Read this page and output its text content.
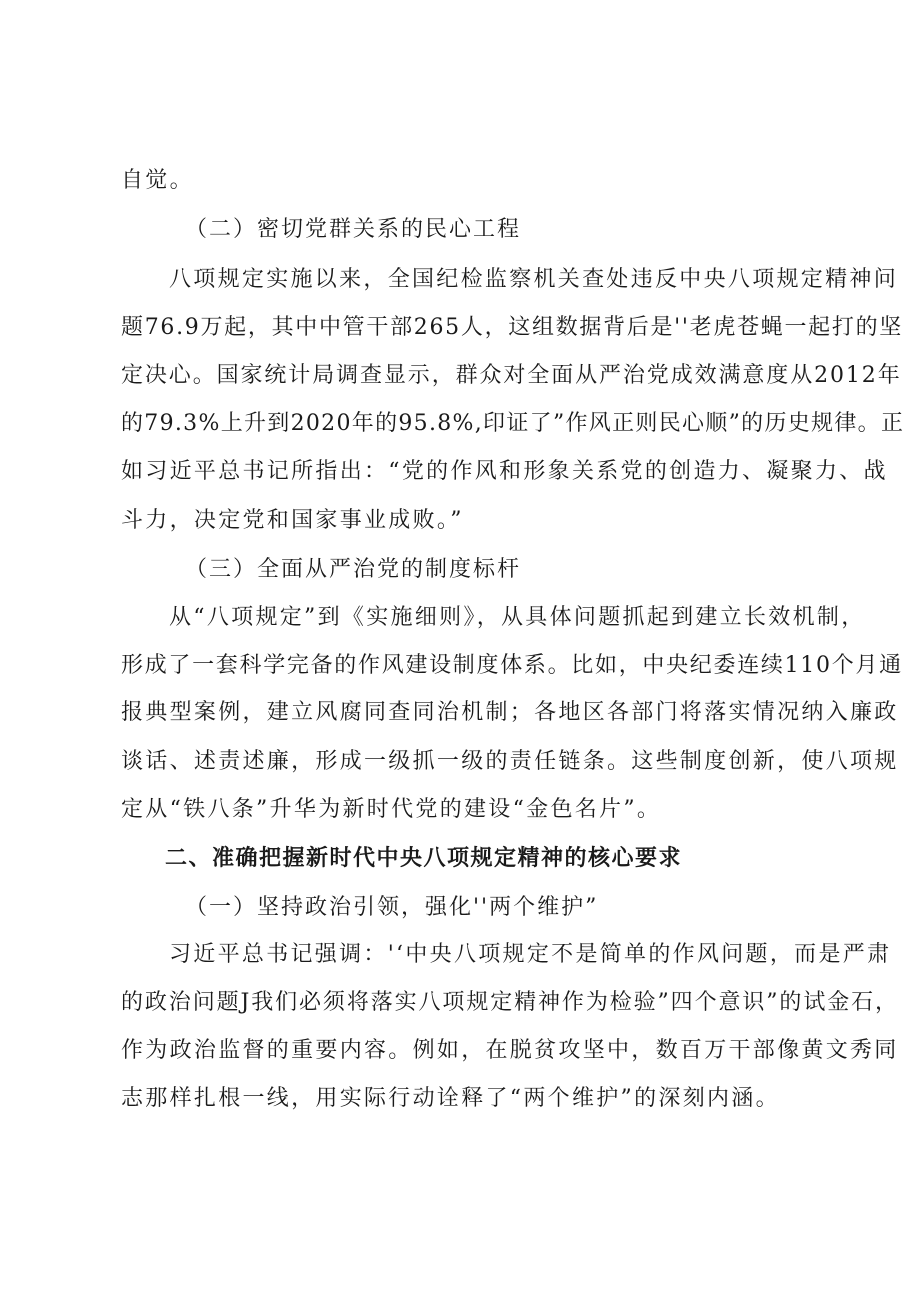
自觉。

（二）密切党群关系的民心工程

八项规定实施以来，全国纪检监察机关查处违反中央八项规定精神问

题76.9万起，其中中管干部265人，这组数据背后是''老虎苍蝇一起打的坚

定决心。国家统计局调查显示，群众对全面从严治党成效满意度从2012年

的79.3%上升到2020年的95.8%,印证了”作风正则民心顺”的历史规律。正

如习近平总书记所指出：“党的作风和形象关系党的创造力、凝聚力、战

斗力，决定党和国家事业成败。”

（三）全面从严治党的制度标杆

从“八项规定”到《实施细则》，从具体问题抓起到建立长效机制，

形成了一套科学完备的作风建设制度体系。比如，中央纪委连续110个月通

报典型案例，建立风腐同查同治机制；各地区各部门将落实情况纳入廉政

谈话、述责述廉，形成一级抓一级的责任链条。这些制度创新，使八项规

定从“铁八条”升华为新时代党的建设“金色名片”。

二、准确把握新时代中央八项规定精神的核心要求

（一）坚持政治引领，强化''两个维护”

习近平总书记强调：'‘中央八项规定不是简单的作风问题，而是严肃

的政治问题J我们必须将落实八项规定精神作为检验”四个意识”的试金石，

作为政治监督的重要内容。例如，在脱贫攻坚中，数百万干部像黄文秀同

志那样扎根一线，用实际行动诠释了“两个维护”的深刻内涵。
